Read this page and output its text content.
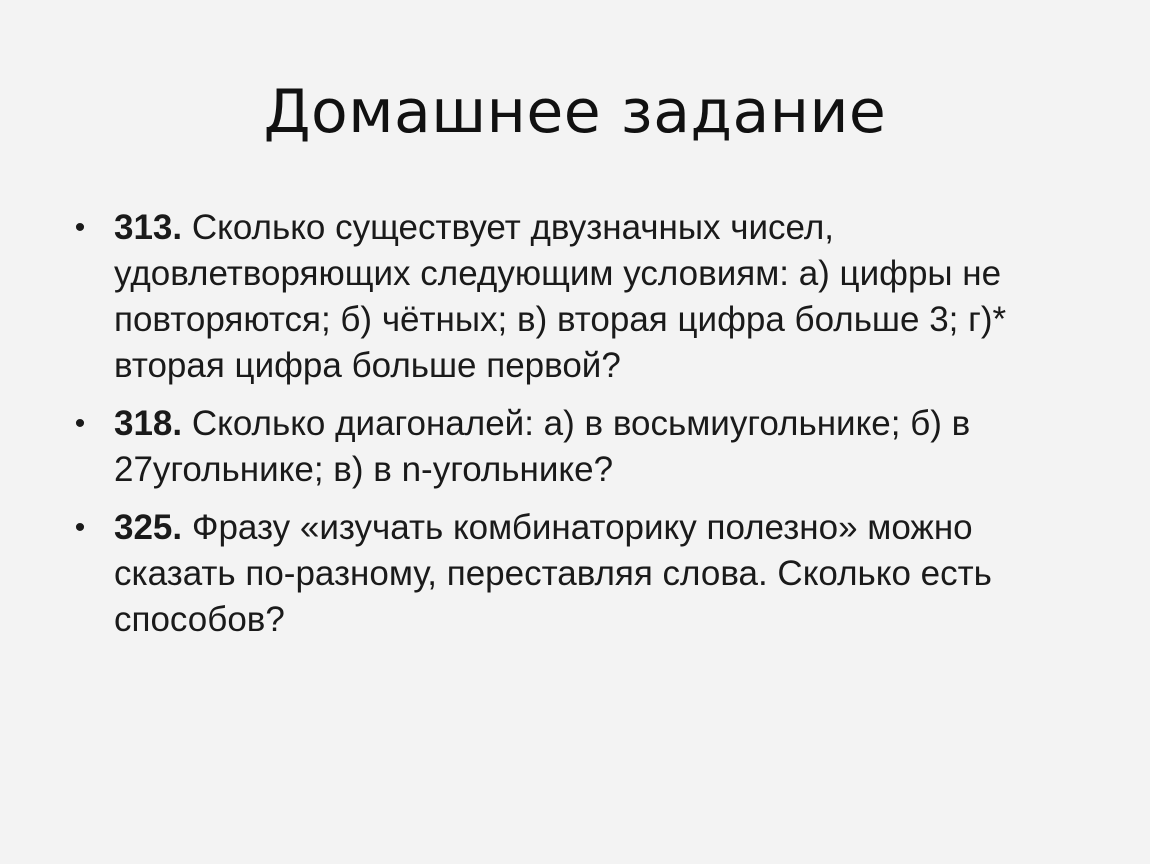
Домашнее задание
• 313. Сколько существует двузначных чисел, удовлетворяющих следующим условиям: а) цифры не повторяются; б) чётных; в) вторая цифра больше 3; г)* вторая цифра больше первой?
• 318. Сколько диагоналей: а) в восьмиугольнике; б) в 27угольнике; в) в n-угольнике?
• 325. Фразу «изучать комбинаторику полезно» можно сказать по-разному, переставляя слова. Сколько есть способов?
